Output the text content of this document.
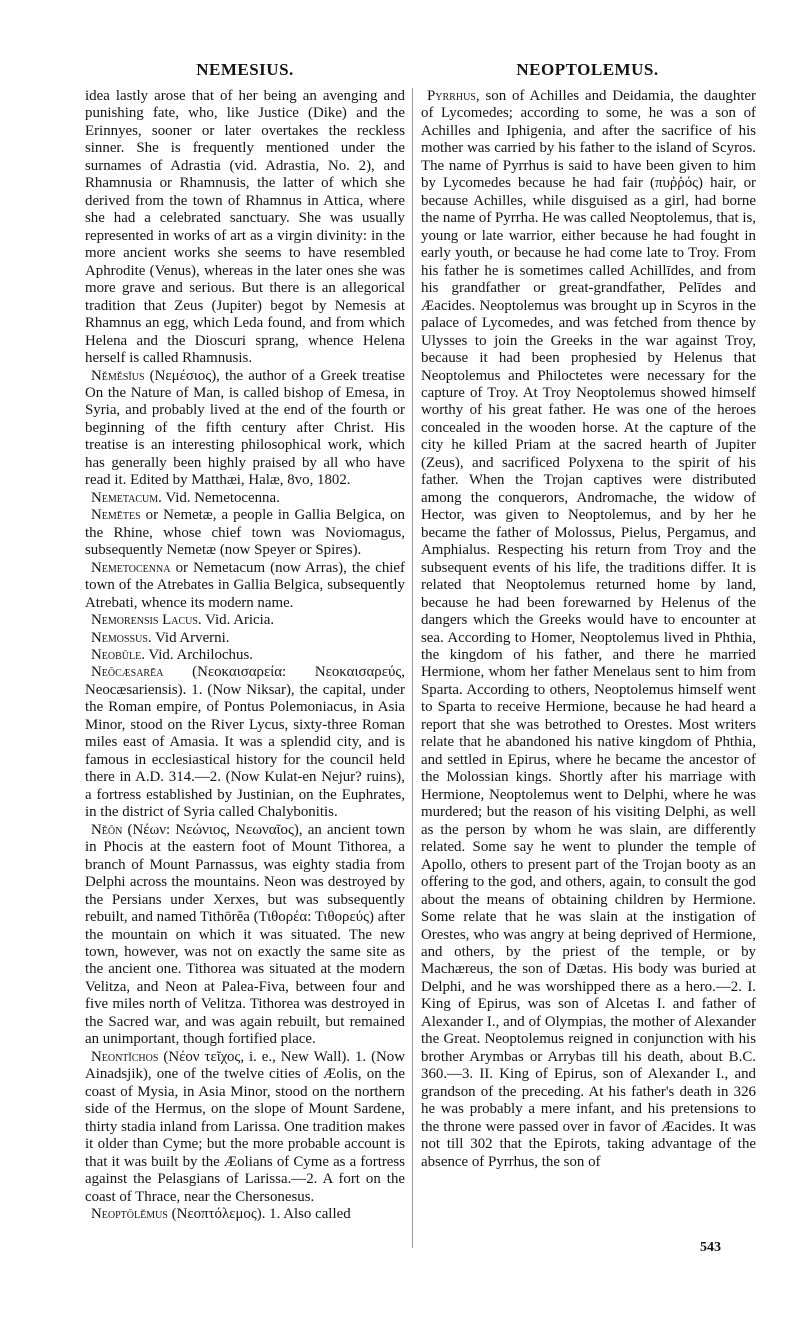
NEMESIUS.	NEOPTOLEMUS.

idea lastly arose that of her being an avenging and punishing fate, who, like Justice (Dike) and the Erinnyes, sooner or later overtakes the reckless sinner. She is frequently mentioned under the surnames of Adrastia (vid. Adrastia, No. 2), and Rhamnusia or Rhamnusis, the latter of which she derived from the town of Rhamnus in Attica, where she had a celebrated sanctuary. She was usually represented in works of art as a virgin divinity: in the more ancient works she seems to have resembled Aphrodite (Venus), whereas in the later ones she was more grave and serious. But there is an allegorical tradition that Zeus (Jupiter) begot by Nemesis at Rhamnus an egg, which Leda found, and from which Helena and the Dioscuri sprang, whence Helena herself is called Rhamnusis.

Nĕmĕsĭus (Νεμέσιος), the author of a Greek treatise On the Nature of Man, is called bishop of Emesa, in Syria, and probably lived at the end of the fourth or beginning of the fifth century after Christ. His treatise is an interesting philosophical work, which has generally been highly praised by all who have read it. Edited by Matthæi, Halæ, 8vo, 1802.

Nemetacum. Vid. Nemetocenna.

Nemētes or Nemetæ, a people in Gallia Belgica, on the Rhine, whose chief town was Noviomagus, subsequently Nemetæ (now Speyer or Spires).

Nemetocenna or Nemetacum (now Arras), the chief town of the Atrebates in Gallia Belgica, subsequently Atrebati, whence its modern name.

Nemorensis Lacus. Vid. Aricia.

Nemossus. Vid Arverni.

Neobūle. Vid. Archilochus.

Neŏcæsarēa (Νεοκαισαρεία: Νεοκαισαρεύς, Neocæsariensis). 1. (Now Niksar), the capital, under the Roman empire, of Pontus Polemoniacus, in Asia Minor, stood on the River Lycus, sixty-three Roman miles east of Amasia. It was a splendid city, and is famous in ecclesiastical history for the council held there in A.D. 314.—2. (Now Kulat-en Nejur? ruins), a fortress established by Justinian, on the Euphrates, in the district of Syria called Chalybonitis.

Nĕōn (Νέων: Νεώνιος, Νεωναῖος), an ancient town in Phocis at the eastern foot of Mount Tithorea, a branch of Mount Parnassus, was eighty stadia from Delphi across the mountains. Neon was destroyed by the Persians under Xerxes, but was subsequently rebuilt, and named Tithōrĕa (Τιθορέα: Τιθορεύς) after the mountain on which it was situated. The new town, however, was not on exactly the same site as the ancient one. Tithorea was situated at the modern Velitza, and Neon at Palea-Fiva, between four and five miles north of Velitza. Tithorea was destroyed in the Sacred war, and was again rebuilt, but remained an unimportant, though fortified place.

Neontĭchos (Νέον τεῖχος, i. e., New Wall). 1. (Now Ainadsjik), one of the twelve cities of Æolis, on the coast of Mysia, in Asia Minor, stood on the northern side of the Hermus, on the slope of Mount Sardene, thirty stadia inland from Larissa. One tradition makes it older than Cyme; but the more probable account is that it was built by the Æolians of Cyme as a fortress against the Pelasgians of Larissa.—2. A fort on the coast of Thrace, near the Chersonesus.

Neoptŏlĕmus (Νεοπτόλεμος). 1. Also called

Pyrrhus, son of Achilles and Deidamia, the daughter of Lycomedes; according to some, he was a son of Achilles and Iphigenia, and after the sacrifice of his mother was carried by his father to the island of Scyros. The name of Pyrrhus is said to have been given to him by Lycomedes because he had fair (πυῤῥός) hair, or because Achilles, while disguised as a girl, had borne the name of Pyrrha. He was called Neoptolemus, that is, young or late warrior, either because he had fought in early youth, or because he had come late to Troy. From his father he is sometimes called Achillīdes, and from his grandfather or great-grandfather, Pelīdes and Æacides. Neoptolemus was brought up in Scyros in the palace of Lycomedes, and was fetched from thence by Ulysses to join the Greeks in the war against Troy, because it had been prophesied by Helenus that Neoptolemus and Philoctetes were necessary for the capture of Troy. At Troy Neoptolemus showed himself worthy of his great father. He was one of the heroes concealed in the wooden horse. At the capture of the city he killed Priam at the sacred hearth of Jupiter (Zeus), and sacrificed Polyxena to the spirit of his father. When the Trojan captives were distributed among the conquerors, Andromache, the widow of Hector, was given to Neoptolemus, and by her he became the father of Molossus, Pielus, Pergamus, and Amphialus. Respecting his return from Troy and the subsequent events of his life, the traditions differ. It is related that Neoptolemus returned home by land, because he had been forewarned by Helenus of the dangers which the Greeks would have to encounter at sea. According to Homer, Neoptolemus lived in Phthia, the kingdom of his father, and there he married Hermione, whom her father Menelaus sent to him from Sparta. According to others, Neoptolemus himself went to Sparta to receive Hermione, because he had heard a report that she was betrothed to Orestes. Most writers relate that he abandoned his native kingdom of Phthia, and settled in Epirus, where he became the ancestor of the Molossian kings. Shortly after his marriage with Hermione, Neoptolemus went to Delphi, where he was murdered; but the reason of his visiting Delphi, as well as the person by whom he was slain, are differently related. Some say he went to plunder the temple of Apollo, others to present part of the Trojan booty as an offering to the god, and others, again, to consult the god about the means of obtaining children by Hermione. Some relate that he was slain at the instigation of Orestes, who was angry at being deprived of Hermione, and others, by the priest of the temple, or by Machæreus, the son of Dætas. His body was buried at Delphi, and he was worshipped there as a hero.—2. I. King of Epirus, was son of Alcetas I. and father of Alexander I., and of Olympias, the mother of Alexander the Great. Neoptolemus reigned in conjunction with his brother Arymbas or Arrybas till his death, about B.C. 360.—3. II. King of Epirus, son of Alexander I., and grandson of the preceding. At his father's death in 326 he was probably a mere infant, and his pretensions to the throne were passed over in favor of Æacides. It was not till 302 that the Epirots, taking advantage of the absence of Pyrrhus, the son of

543
